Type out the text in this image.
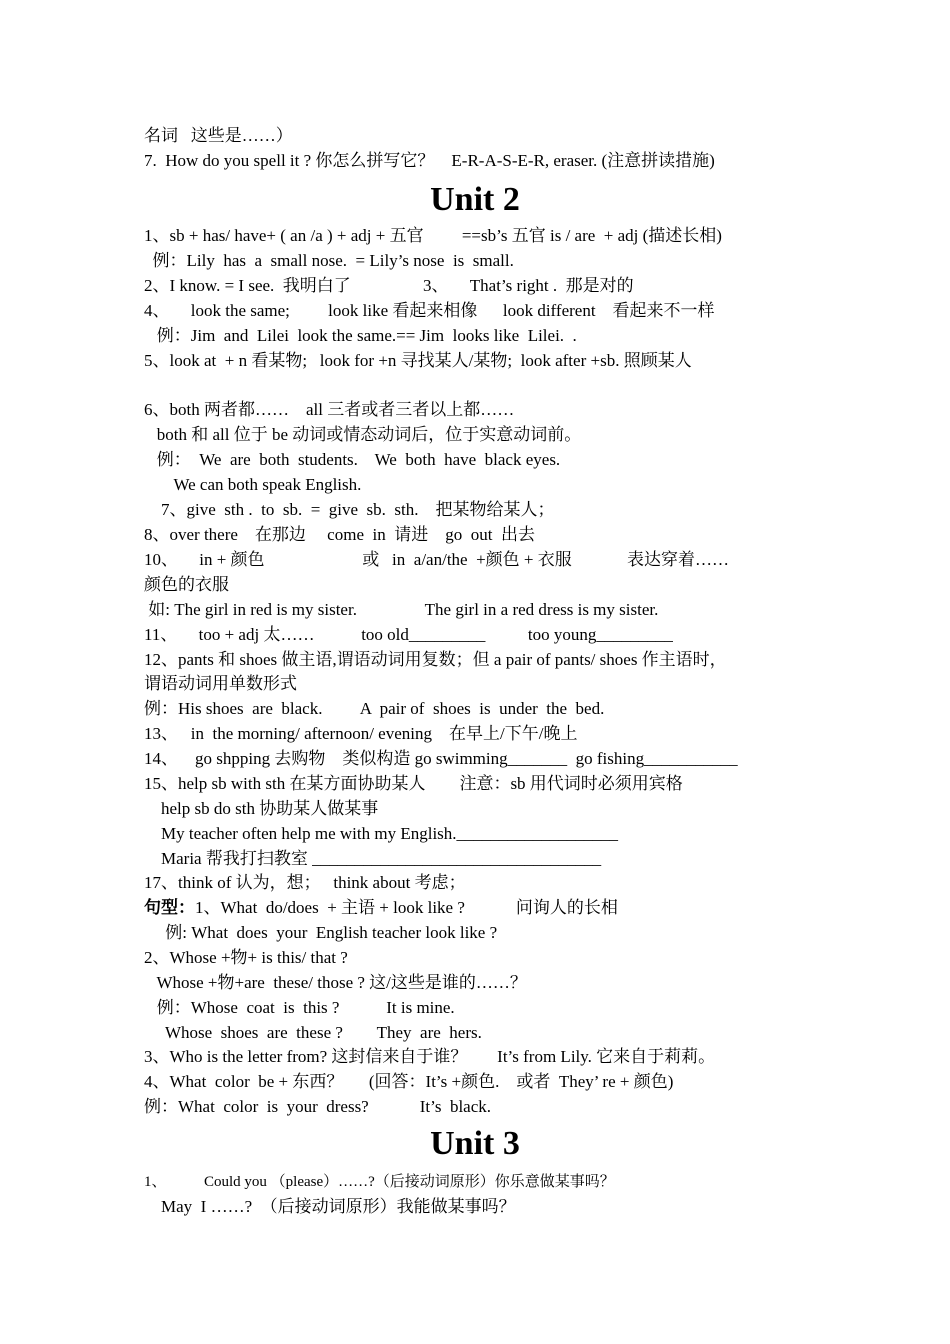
名词   这些是……）
7.  How do you spell it ? 你怎么拼写它？    E-R-A-S-E-R, eraser. (注意拼读措施)
Unit 2
1、sb + has/ have+ ( an /a ) + adj + 五官         ==sb’s 五官 is / are  + adj (描述长相)
例：Lily  has  a  small nose.  = Lily’s nose  is  small.
2、I know. = I see.  我明白了                 3、     That’s right .  那是对的
4、     look the same;         look like 看起来相像      look different    看起来不一样
例：Jim  and  Lilei  look the same.== Jim  looks like  Lilei.  .
5、look at  + n 看某物;   look for +n 寻找某人/某物;  look after +sb. 照顾某人
6、both 两者都……    all 三者或者三者以上都……
both 和 all 位于 be 动词或情态动词后，位于实意动词前。
例：  We  are  both  students.    We  both  have  black eyes.
We can both speak English.
7、give  sth .  to  sb.  =  give  sb.  sth.    把某物给某人；
8、over there    在那边     come  in  请进    go  out  出去
10、     in + 颜色                       或   in  a/an/the  +颜色 + 衣服             表达穿着……
颜色的衣服
如: The girl in red is my sister.                The girl in a red dress is my sister.
11、     too + adj 太……           too old_________          too young_________
12、pants 和 shoes 做主语,谓语动词用复数；但 a pair of pants/ shoes 作主语时，
谓语动词用单数形式
例：His shoes  are  black.         A  pair of  shoes  is  under  the  bed.
13、   in  the morning/ afternoon/ evening    在早上/下午/晚上
14、    go shpping 去购物    类似构造 go swimming_______  go fishing___________
15、help sb with sth 在某方面协助某人        注意：sb 用代词时必须用宾格
help sb do sth 协助某人做某事
My teacher often help me with my English.___________________
Maria 帮我打扫教室 __________________________________
17、think of 认为，想；   think about 考虑；
句型：1、What  do/does  + 主语 + look like ?            问询人的长相
例: What  does  your  English teacher look like ?
2、Whose +物+ is this/ that ?
Whose +物+are  these/ those ? 这/这些是谁的……？
例：Whose  coat  is  this ?           It is mine.
Whose  shoes  are  these ?        They  are  hers.
3、Who is the letter from? 这封信来自于谁？       It’s from Lily. 它来自于莉莉。
4、What  color  be + 东西？      (回答：It’s +颜色.    或者  They’ re + 颜色)
例：What  color  is  your  dress?            It’s  black.
Unit 3
1、          Could you （please）……?（后接动词原形）你乐意做某事吗？
May  I ……?  （后接动词原形）我能做某事吗？
